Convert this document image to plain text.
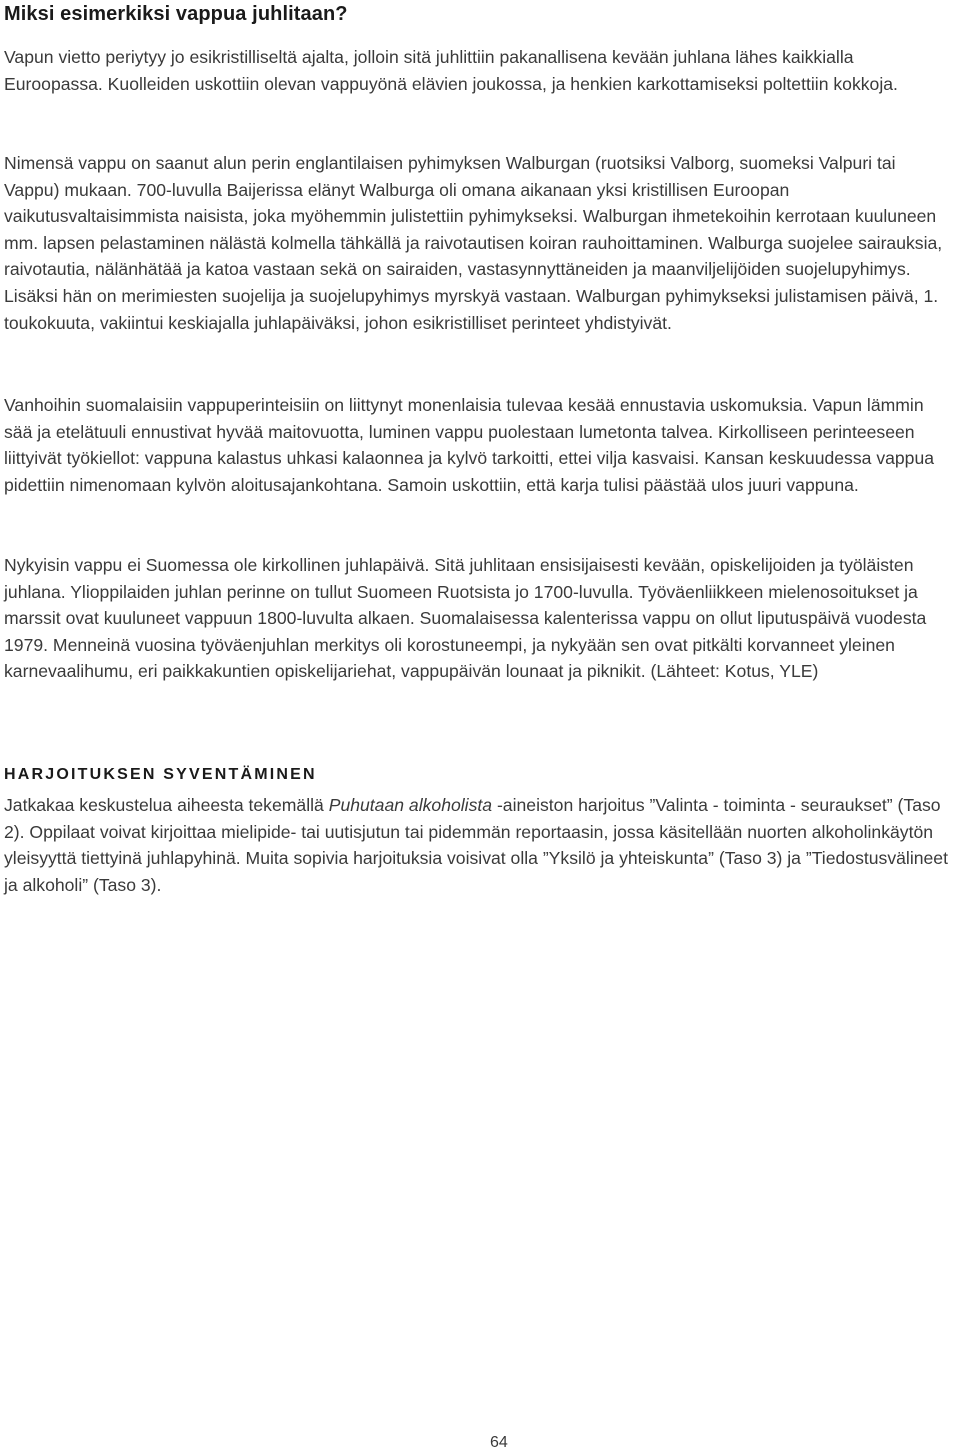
Miksi esimerkiksi vappua juhlitaan?

Vapun vietto periytyy jo esikristilliseltä ajalta, jolloin sitä juhlittiin pakanallisena kevään juhlana lähes kaikkialla Euroopassa. Kuolleiden uskottiin olevan vappuyönä elävien joukossa, ja henkien karkottamiseksi poltettiin kokkoja.

Nimensä vappu on saanut alun perin englantilaisen pyhimyksen Walburgan (ruotsiksi Valborg, suomeksi Valpuri tai Vappu) mukaan. 700-luvulla Baijerissa elänyt Walburga oli omana aikanaan yksi kristillisen Euroopan vaikutusvaltaisimmista naisista, joka myöhemmin julistettiin pyhimykseksi. Walburgan ihmetekoihin kerrotaan kuuluneen mm. lapsen pelastaminen nälästä kolmella tähkällä ja raivotautisen koiran rauhoittaminen. Walburga suojelee sairauksia, raivotautia, nälänhätää ja katoa vastaan sekä on sairaiden, vastasynnyttäneiden ja maanviljelijöiden suojelupyhimys. Lisäksi hän on merimiesten suojelija ja suojelupyhimys myrskyä vastaan. Walburgan pyhimykseksi julistamisen päivä, 1. toukokuuta, vakiintui keskiajalla juhlapäiväksi, johon esikristilliset perinteet yhdistyivät.

Vanhoihin suomalaisiin vappuperinteisiin on liittynyt monenlaisia tulevaa kesää ennustavia uskomuksia. Vapun lämmin sää ja etelätuuli ennustivat hyvää maitovuotta, luminen vappu puolestaan lumetonta talvea. Kirkolliseen perinteeseen liittyivät työkiellot: vappuna kalastus uhkasi kalaonnea ja kylvö tarkoitti, ettei vilja kasvaisi. Kansan keskuudessa vappua pidettiin nimenomaan kylvön aloitusajankohtana. Samoin uskottiin, että karja tulisi päästää ulos juuri vappuna.

Nykyisin vappu ei Suomessa ole kirkollinen juhlapäivä. Sitä juhlitaan ensisijaisesti kevään, opiskelijoiden ja työläisten juhlana. Ylioppilaiden juhlan perinne on tullut Suomeen Ruotsista jo 1700-luvulla. Työväenliikkeen mielenosoitukset ja marssit ovat kuuluneet vappuun 1800-luvulta alkaen. Suomalaisessa kalenterissa vappu on ollut liputuspäivä vuodesta 1979. Menneinä vuosina työväenjuhlan merkitys oli korostuneempi, ja nykyään sen ovat pitkälti korvanneet yleinen karnevaalihumu, eri paikkakuntien opiskelijariehat, vappupäivän lounaat ja piknikit. (Lähteet: Kotus, YLE)

HARJOITUKSEN SYVENTÄMINEN

Jatkakaa keskustelua aiheesta tekemällä Puhutaan alkoholista -aineiston harjoitus ”Valinta - toiminta - seuraukset” (Taso 2). Oppilaat voivat kirjoittaa mielipide- tai uutisjutun tai pidemmän reportaasin, jossa käsitellään nuorten alkoholinkäytön yleisyyttä tiettyinä juhlapyhinä. Muita sopivia harjoituksia voisivat olla ”Yksilö ja yhteiskunta” (Taso 3) ja ”Tiedostusvälineet ja alkoholi” (Taso 3).

64
